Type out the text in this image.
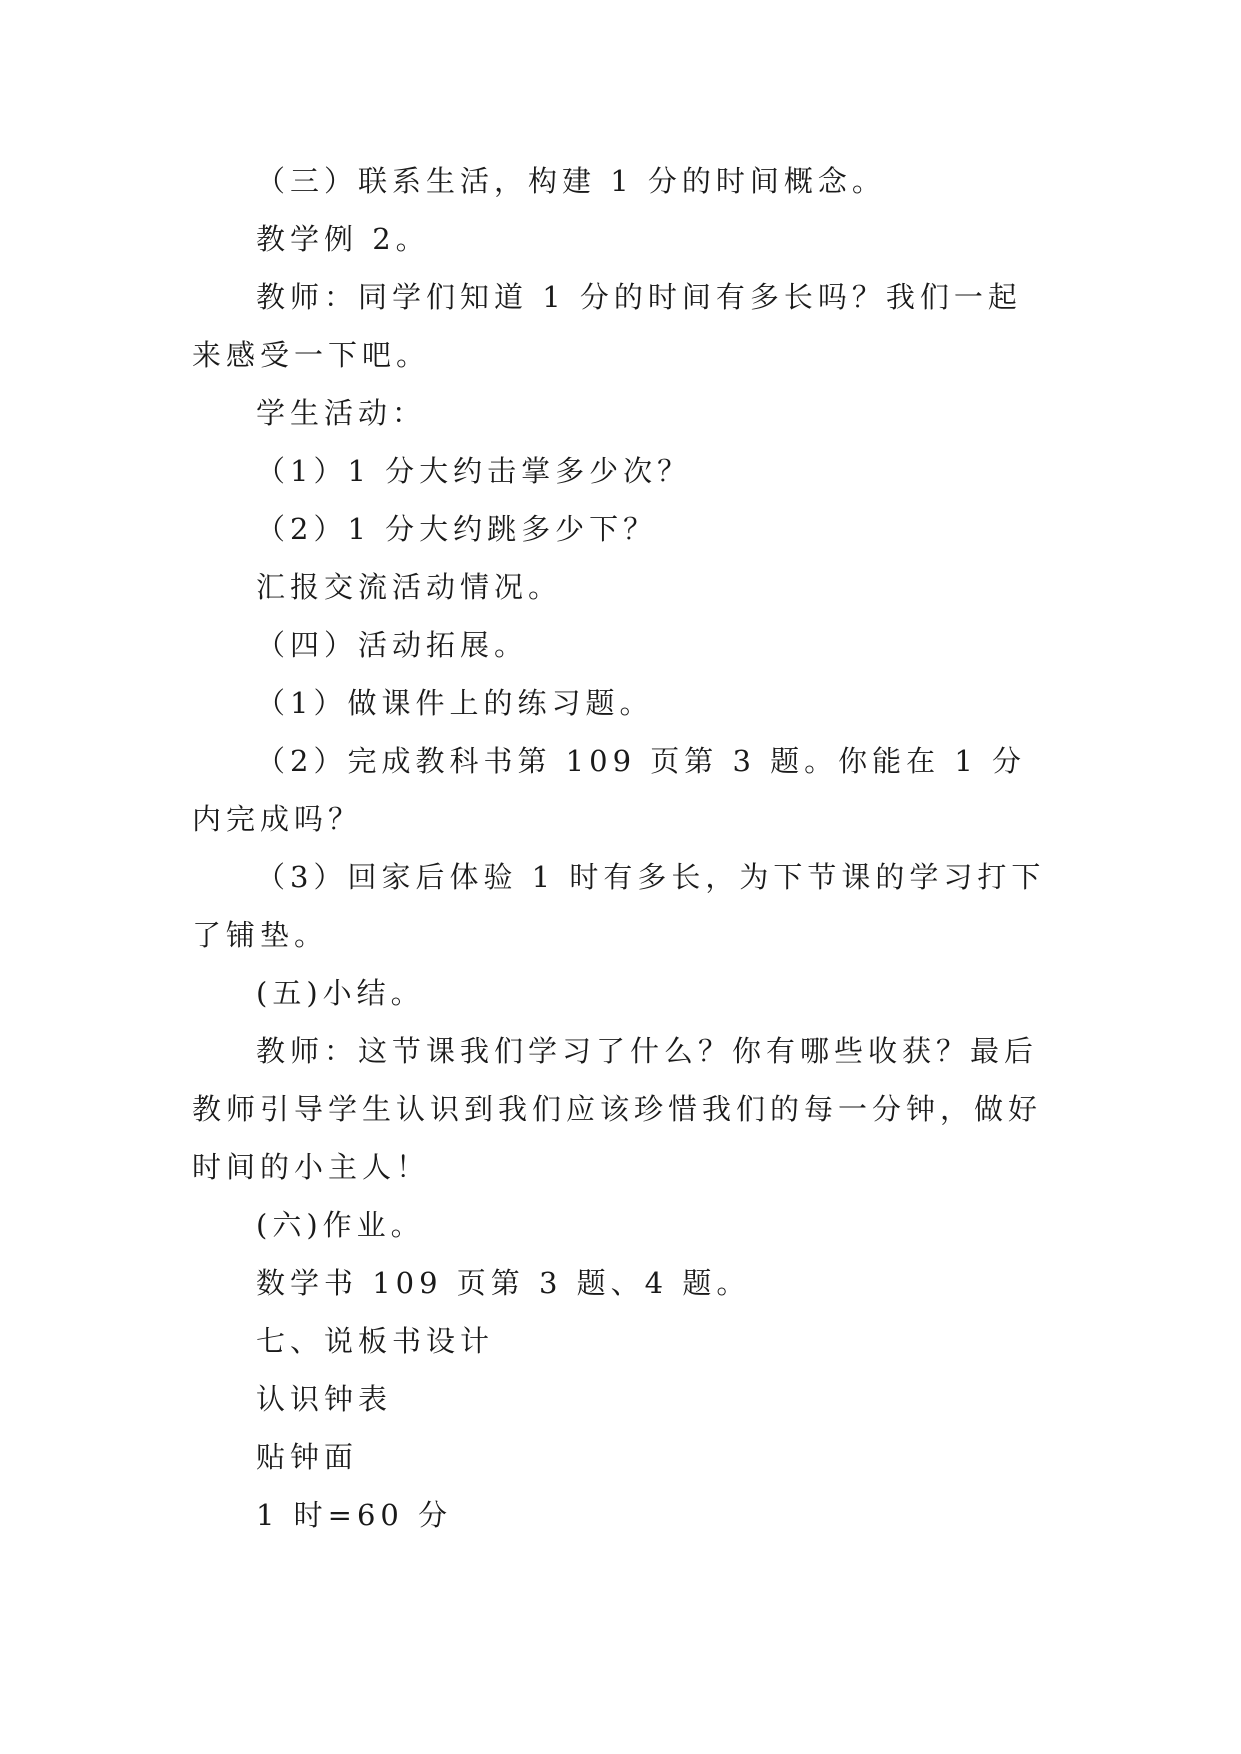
（三）联系生活，构建 1 分的时间概念。

教学例 2。

教师：同学们知道 1 分的时间有多长吗？我们一起来感受一下吧。

学生活动：

（1）1 分大约击掌多少次？

（2）1 分大约跳多少下？

汇报交流活动情况。

（四）活动拓展。

（1）做课件上的练习题。

（2）完成教科书第 109 页第 3 题。你能在 1 分内完成吗？

（3）回家后体验 1 时有多长，为下节课的学习打下了铺垫。

(五)小结。

教师：这节课我们学习了什么？你有哪些收获？最后教师引导学生认识到我们应该珍惜我们的每一分钟，做好时间的小主人！

(六)作业。

数学书 109 页第 3 题、4 题。

七、说板书设计

认识钟表

贴钟面

1 时=60 分
